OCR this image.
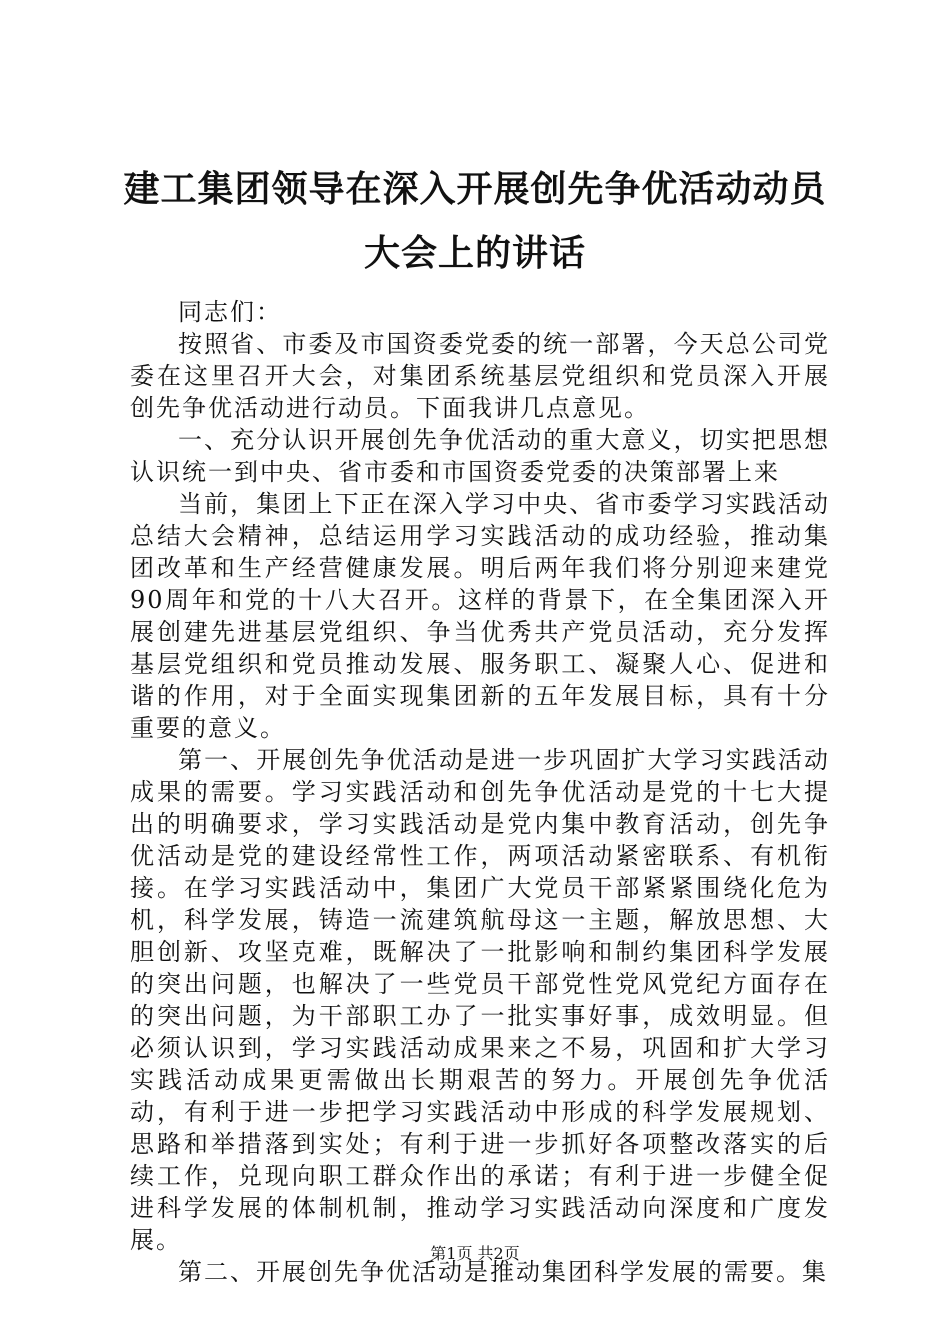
建工集团领导在深入开展创先争优活动动员大会上的讲话

同志们：

按照省、市委及市国资委党委的统一部署，今天总公司党委在这里召开大会，对集团系统基层党组织和党员深入开展创先争优活动进行动员。下面我讲几点意见。

一、充分认识开展创先争优活动的重大意义，切实把思想认识统一到中央、省市委和市国资委党委的决策部署上来

当前，集团上下正在深入学习中央、省市委学习实践活动总结大会精神，总结运用学习实践活动的成功经验，推动集团改革和生产经营健康发展。明后两年我们将分别迎来建党90周年和党的十八大召开。这样的背景下，在全集团深入开展创建先进基层党组织、争当优秀共产党员活动，充分发挥基层党组织和党员推动发展、服务职工、凝聚人心、促进和谐的作用，对于全面实现集团新的五年发展目标，具有十分重要的意义。

第一、开展创先争优活动是进一步巩固扩大学习实践活动成果的需要。学习实践活动和创先争优活动是党的十七大提出的明确要求，学习实践活动是党内集中教育活动，创先争优活动是党的建设经常性工作，两项活动紧密联系、有机衔接。在学习实践活动中，集团广大党员干部紧紧围绕化危为机，科学发展，铸造一流建筑航母这一主题，解放思想、大胆创新、攻坚克难，既解决了一批影响和制约集团科学发展的突出问题，也解决了一些党员干部党性党风党纪方面存在的突出问题，为干部职工办了一批实事好事，成效明显。但必须认识到，学习实践活动成果来之不易，巩固和扩大学习实践活动成果更需做出长期艰苦的努力。开展创先争优活动，有利于进一步把学习实践活动中形成的科学发展规划、思路和举措落到实处；有利于进一步抓好各项整改落实的后续工作，兑现向职工群众作出的承诺；有利于进一步健全促进科学发展的体制机制，推动学习实践活动向深度和广度发展。

第二、开展创先争优活动是推动集团科学发展的需要。集

第1页 共2页
